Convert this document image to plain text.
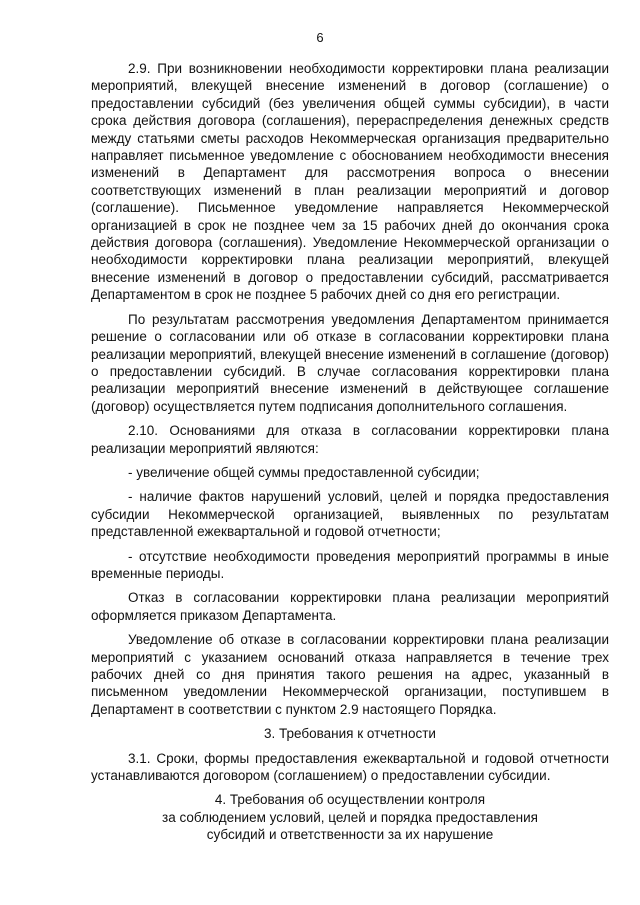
6

2.9. При возникновении необходимости корректировки плана реализации мероприятий, влекущей внесение изменений в договор (соглашение) о предоставлении субсидий (без увеличения общей суммы субсидии), в части срока действия договора (соглашения), перераспределения денежных средств между статьями сметы расходов Некоммерческая организация предварительно направляет письменное уведомление с обоснованием необходимости внесения изменений в Департамент для рассмотрения вопроса о внесении соответствующих изменений в план реализации мероприятий и договор (соглашение). Письменное уведомление направляется Некоммерческой организацией в срок не позднее чем за 15 рабочих дней до окончания срока действия договора (соглашения). Уведомление Некоммерческой организации о необходимости корректировки плана реализации мероприятий, влекущей внесение изменений в договор о предоставлении субсидий, рассматривается Департаментом в срок не позднее 5 рабочих дней со дня его регистрации.

По результатам рассмотрения уведомления Департаментом принимается решение о согласовании или об отказе в согласовании корректировки плана реализации мероприятий, влекущей внесение изменений в соглашение (договор) о предоставлении субсидий. В случае согласования корректировки плана реализации мероприятий внесение изменений в действующее соглашение (договор) осуществляется путем подписания дополнительного соглашения.

2.10. Основаниями для отказа в согласовании корректировки плана реализации мероприятий являются:

- увеличение общей суммы предоставленной субсидии;

- наличие фактов нарушений условий, целей и порядка предоставления субсидии Некоммерческой организацией, выявленных по результатам представленной ежеквартальной и годовой отчетности;

- отсутствие необходимости проведения мероприятий программы в иные временные периоды.

Отказ в согласовании корректировки плана реализации мероприятий оформляется приказом Департамента.

Уведомление об отказе в согласовании корректировки плана реализации мероприятий с указанием оснований отказа направляется в течение трех рабочих дней со дня принятия такого решения на адрес, указанный в письменном уведомлении Некоммерческой организации, поступившем в Департамент в соответствии с пунктом 2.9 настоящего Порядка.

3. Требования к отчетности

3.1. Сроки, формы предоставления ежеквартальной и годовой отчетности устанавливаются договором (соглашением) о предоставлении субсидии.

4. Требования об осуществлении контроля
за соблюдением условий, целей и порядка предоставления
субсидий и ответственности за их нарушение
